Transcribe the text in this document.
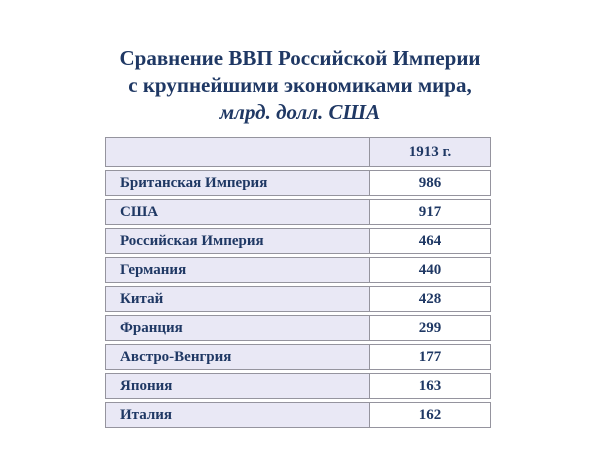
Сравнение ВВП Российской Империи
с крупнейшими экономиками мира,
млрд. долл. США
	1913 г.
Британская Империя	986
США	917
Российская Империя	464
Германия	440
Китай	428
Франция	299
Австро-Венгрия	177
Япония	163
Италия	162
